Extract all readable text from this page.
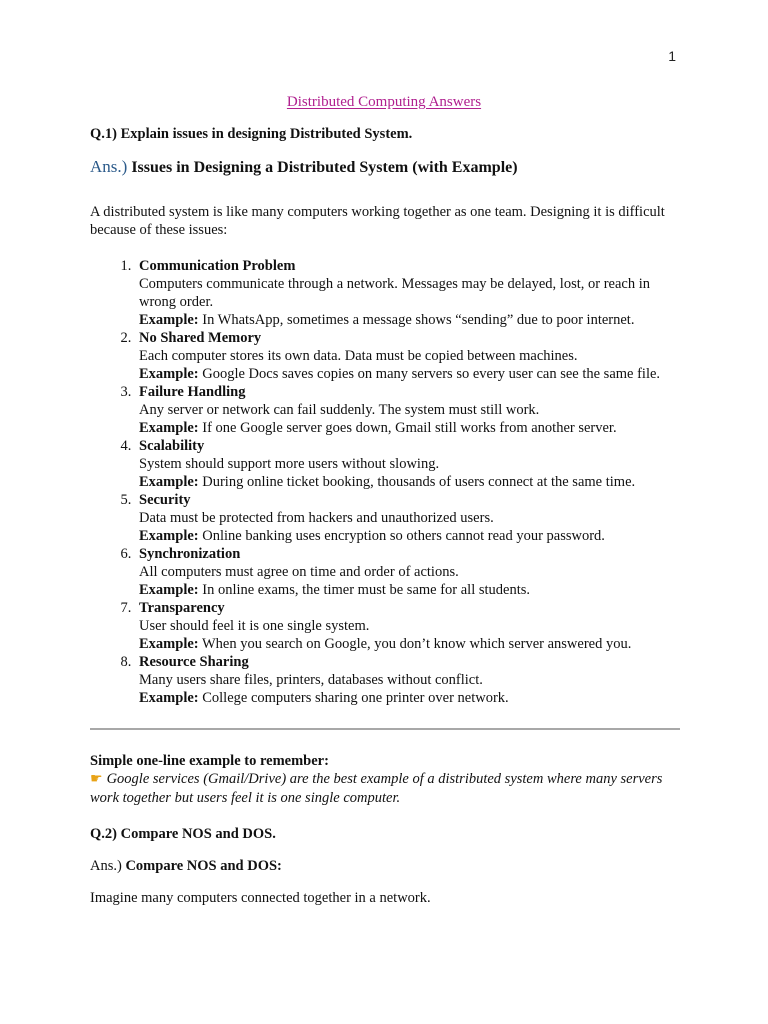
1
Distributed Computing Answers

Q.1) Explain issues in designing Distributed System.

Ans.) Issues in Designing a Distributed System (with Example)
A distributed system is like many computers working together as one team. Designing it is difficult because of these issues:
1. Communication Problem
Computers communicate through a network. Messages may be delayed, lost, or reach in wrong order.
Example: In WhatsApp, sometimes a message shows “sending” due to poor internet.
2. No Shared Memory
Each computer stores its own data. Data must be copied between machines.
Example: Google Docs saves copies on many servers so every user can see the same file.
3. Failure Handling
Any server or network can fail suddenly. The system must still work.
Example: If one Google server goes down, Gmail still works from another server.
4. Scalability
System should support more users without slowing.
Example: During online ticket booking, thousands of users connect at the same time.
5. Security
Data must be protected from hackers and unauthorized users.
Example: Online banking uses encryption so others cannot read your password.
6. Synchronization
All computers must agree on time and order of actions.
Example: In online exams, the timer must be same for all students.
7. Transparency
User should feel it is one single system.
Example: When you search on Google, you don’t know which server answered you.
8. Resource Sharing
Many users share files, printers, databases without conflict.
Example: College computers sharing one printer over network.
Simple one-line example to remember:
☛ Google services (Gmail/Drive) are the best example of a distributed system where many servers work together but users feel it is one single computer.
Q.2) Compare NOS and DOS.
Ans.) Compare NOS and DOS:
Imagine many computers connected together in a network.
